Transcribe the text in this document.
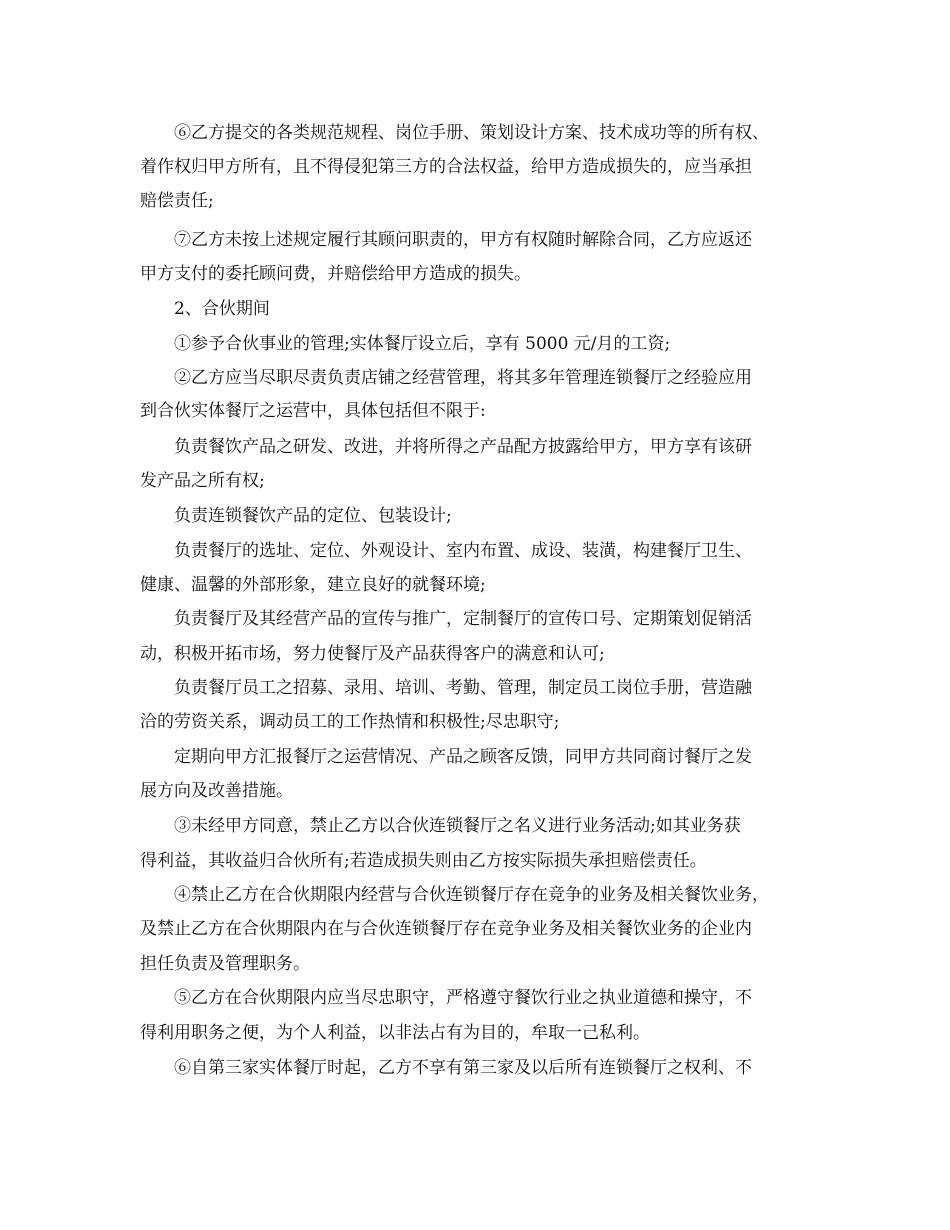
⑥乙方提交的各类规范规程、岗位手册、策划设计方案、技术成功等的所有权、
着作权归甲方所有，且不得侵犯第三方的合法权益，给甲方造成损失的，应当承担
赔偿责任;
⑦乙方未按上述规定履行其顾问职责的，甲方有权随时解除合同，乙方应返还
甲方支付的委托顾问费，并赔偿给甲方造成的损失。
2、合伙期间
①参予合伙事业的管理;实体餐厅设立后，享有 5000 元/月的工资;
②乙方应当尽职尽责负责店铺之经营管理，将其多年管理连锁餐厅之经验应用
到合伙实体餐厅之运营中，具体包括但不限于:
负责餐饮产品之研发、改进，并将所得之产品配方披露给甲方，甲方享有该研
发产品之所有权;
负责连锁餐饮产品的定位、包装设计;
负责餐厅的选址、定位、外观设计、室内布置、成设、装潢，构建餐厅卫生、
健康、温馨的外部形象，建立良好的就餐环境;
负责餐厅及其经营产品的宣传与推广，定制餐厅的宣传口号、定期策划促销活
动，积极开拓市场，努力使餐厅及产品获得客户的满意和认可;
负责餐厅员工之招募、录用、培训、考勤、管理，制定员工岗位手册，营造融
洽的劳资关系，调动员工的工作热情和积极性;尽忠职守;
定期向甲方汇报餐厅之运营情况、产品之顾客反馈，同甲方共同商讨餐厅之发
展方向及改善措施。
③未经甲方同意，禁止乙方以合伙连锁餐厅之名义进行业务活动;如其业务获
得利益，其收益归合伙所有;若造成损失则由乙方按实际损失承担赔偿责任。
④禁止乙方在合伙期限内经营与合伙连锁餐厅存在竞争的业务及相关餐饮业务，
及禁止乙方在合伙期限内在与合伙连锁餐厅存在竞争业务及相关餐饮业务的企业内
担任负责及管理职务。
⑤乙方在合伙期限内应当尽忠职守，严格遵守餐饮行业之执业道德和操守，不
得利用职务之便，为个人利益，以非法占有为目的，牟取一己私利。
⑥自第三家实体餐厅时起，乙方不享有第三家及以后所有连锁餐厅之权利、不
